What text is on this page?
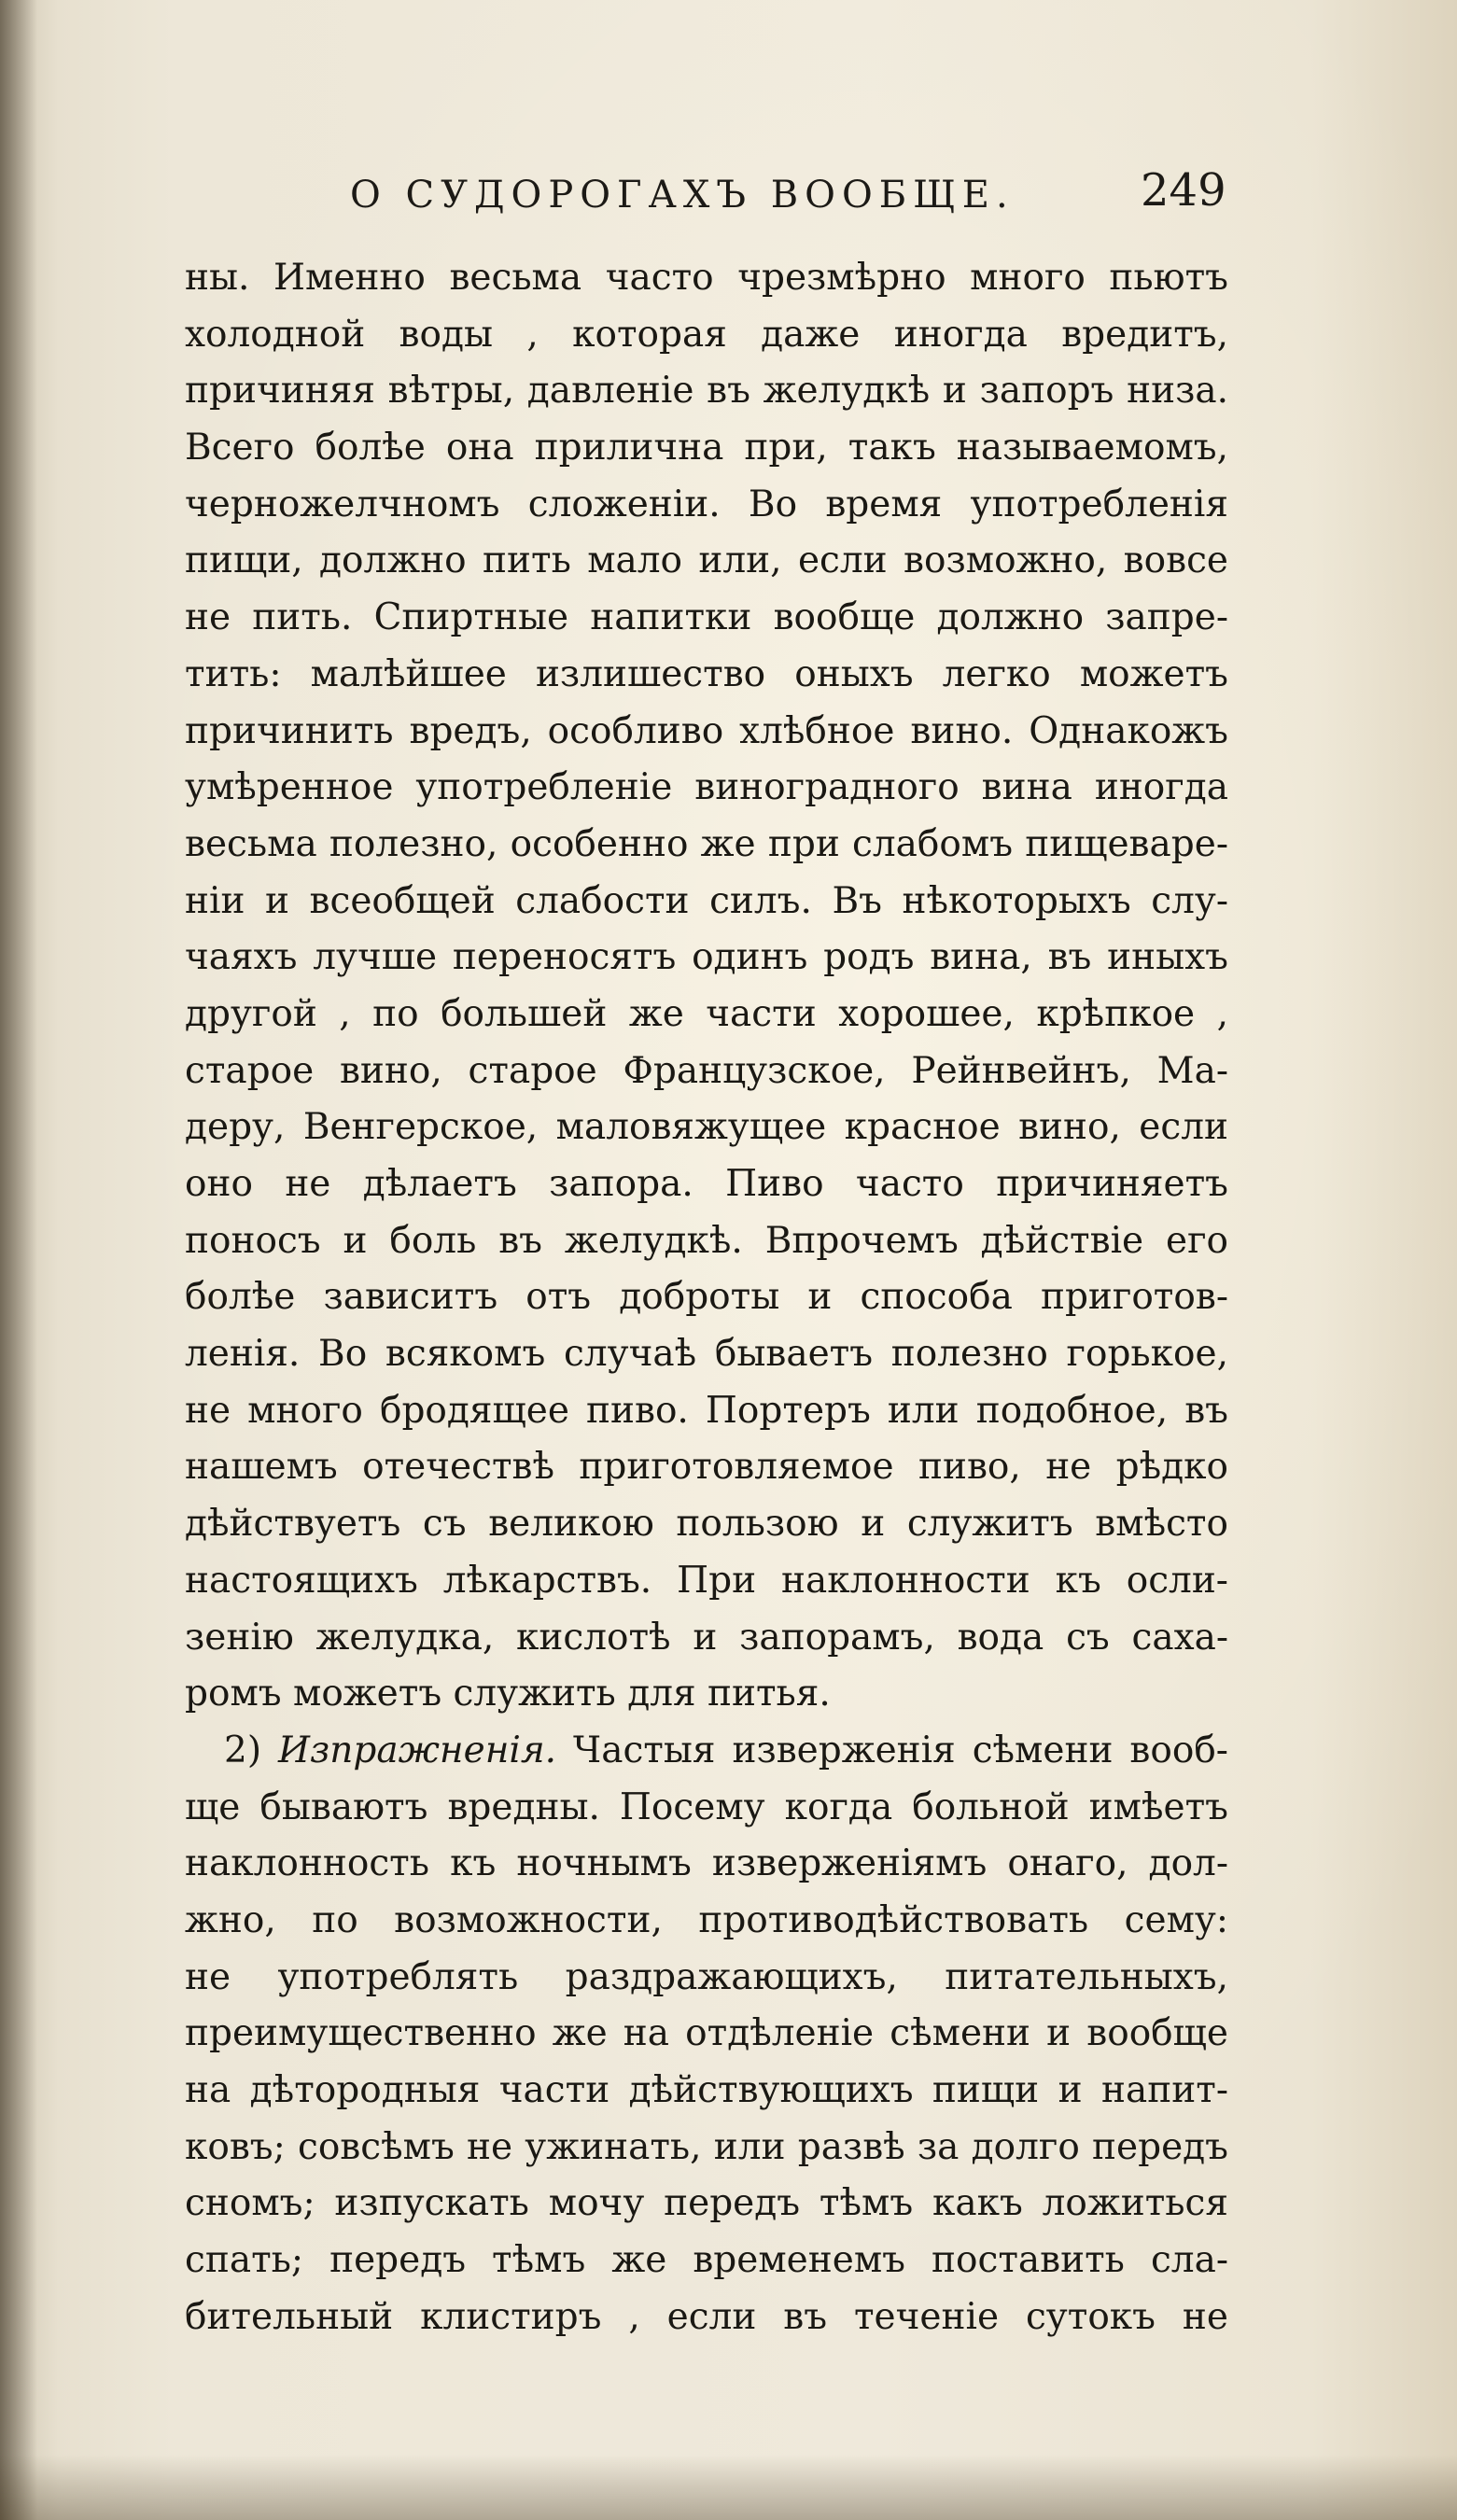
О СУДОРОГАХЪ ВООБЩЕ.	249
ны. Именно весьма часто чрезмѣрно много пьютъ
холодной воды , которая даже иногда вредитъ,
причиняя вѣтры, давленіе въ желудкѣ и запоръ низа.
Всего болѣе она прилична при, такъ называемомъ,
черножелчномъ сложеніи. Во время употребленія
пищи, должно пить мало или, если возможно, вовсе
не пить. Спиртные напитки вообще должно запре-
тить: малѣйшее излишество оныхъ легко можетъ
причинить вредъ, особливо хлѣбное вино. Однакожъ
умѣренное употребленіе виноградного вина иногда
весьма полезно, особенно же при слабомъ пищеваре-
ніи и всеобщей слабости силъ. Въ нѣкоторыхъ слу-
чаяхъ лучше переносятъ одинъ родъ вина, въ иныхъ
другой , по большей же части хорошее, крѣпкое ,
старое вино, старое Французское, Рейнвейнъ, Ма-
деру, Венгерское, маловяжущее красное вино, если
оно не дѣлаетъ запора. Пиво часто причиняетъ
поносъ и боль въ желудкѣ. Впрочемъ дѣйствіе его
болѣе зависитъ отъ доброты и способа приготов-
ленія. Во всякомъ случаѣ бываетъ полезно горькое,
не много бродящее пиво. Портеръ или подобное, въ
нашемъ отечествѣ приготовляемое пиво, не рѣдко
дѣйствуетъ съ великою пользою и служитъ вмѣсто
настоящихъ лѣкарствъ. При наклонности къ осли-
зенію желудка, кислотѣ и запорамъ, вода съ саха-
ромъ можетъ служить для питья.
2) Изпражненія. Частыя изверженія сѣмени вооб-
ще бываютъ вредны. Посему когда больной имѣетъ
наклонность къ ночнымъ изверженіямъ онаго, дол-
жно, по возможности, противодѣйствовать сему:
не употреблять раздражающихъ, питательныхъ,
преимущественно же на отдѣленіе сѣмени и вообще
на дѣтородныя части дѣйствующихъ пищи и напит-
ковъ; совсѣмъ не ужинать, или развѣ за долго передъ
сномъ; изпускать мочу передъ тѣмъ какъ ложиться
спать; передъ тѣмъ же временемъ поставить сла-
бительный клистиръ , если въ теченіе сутокъ не
